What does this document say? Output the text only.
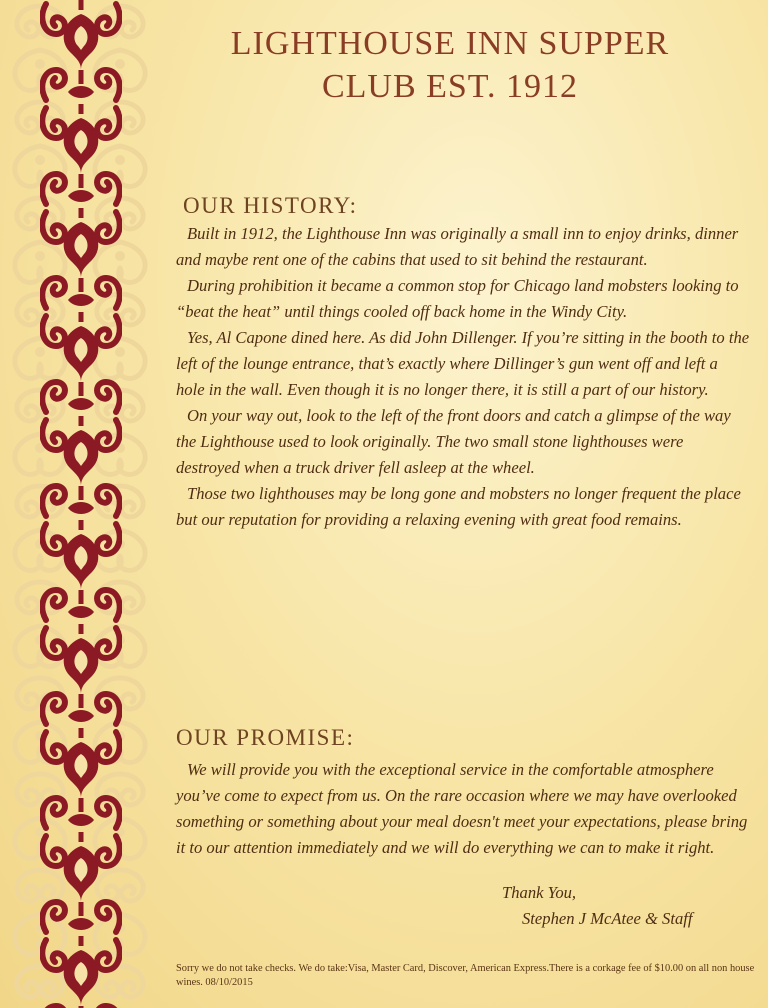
LIGHTHOUSE INN SUPPER
CLUB EST. 1912
OUR HISTORY:

Built in 1912, the Lighthouse Inn was originally a small inn to enjoy drinks, dinner and maybe rent one of the cabins that used to sit behind the restaurant.

During prohibition it became a common stop for Chicago land mobsters looking to “beat the heat” until things cooled off back home in the Windy City.

Yes, Al Capone dined here. As did John Dillenger. If you’re sitting in the booth to the left of the lounge entrance, that’s exactly where Dillinger’s gun went off and left a hole in the wall. Even though it is no longer there, it is still a part of our history.

On your way out, look to the left of the front doors and catch a glimpse of the way the Lighthouse used to look originally. The two small stone lighthouses were destroyed when a truck driver fell asleep at the wheel.

Those two lighthouses may be long gone and mobsters no longer frequent the place but our reputation for providing a relaxing evening with great food remains.

OUR PROMISE:

We will provide you with the exceptional service in the comfortable atmosphere you’ve come to expect from us. On the rare occasion where we may have overlooked something or something about your meal doesn't meet your expectations, please bring it to our attention immediately and we will do everything we can to make it right.

Thank You,

Stephen J McAtee & Staff

Sorry we do not take checks. We do take:Visa, Master Card, Discover, American Express.There is a corkage fee of $10.00 on all non house wines. 08/10/2015
